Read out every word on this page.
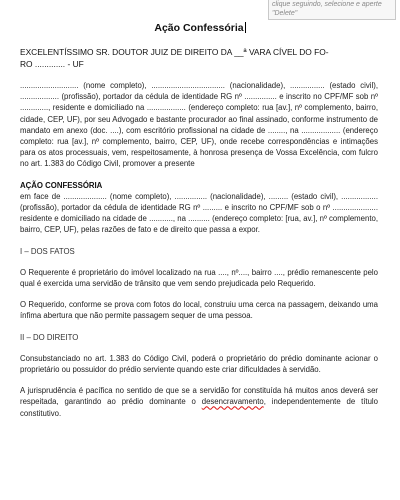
clique seguindo, selecione e aperte "Delete"
Ação Confessória

EXCELENTÍSSIMO SR. DOUTOR JUIZ DE DIREITO DA __ª VARA CÍVEL DO FO-

RO ............. - UF

........................... (nome completo), .................................. (nacionalidade), ................ (estado civil), .................. (profissão), portador da cédula de identidade RG nº ............... e inscrito no CPF/MF sob nº ............., residente e domiciliado na .................. (endereço completo: rua [av.], nº complemento, bairro, cidade, CEP, UF), por seu Advogado e bastante procurador ao final assinado, conforme instrumento de mandato em anexo (doc. ....), com escritório profissional na cidade de ........, na .................. (endereço completo: rua [av.], nº complemento, bairro, CEP, UF), onde recebe correspondências e intimações para os atos processuais, vem, respeitosamente, à honrosa presença de Vossa Excelência, com fulcro no art. 1.383 do Código Civil, promover a presente

AÇÃO CONFESSÓRIA

em face de .................... (nome completo), ............... (nacionalidade), ......... (estado civil), ................. (profissão), portador da cédula de identidade RG nº ......... e inscrito no CPF/MF sob o nº ..................... residente e domiciliado na cidade de ..........., na .......... (endereço completo: [rua, av.], nº complemento, bairro, CEP, UF), pelas razões de fato e de direito que passa a expor.

I – DOS FATOS

O Requerente é proprietário do imóvel localizado na rua ...., nº...., bairro ...., prédio remanescente pelo qual é exercida uma servidão de trânsito que vem sendo prejudicada pelo Requerido.

O Requerido, conforme se prova com fotos do local, construiu uma cerca na passagem, deixando uma ínfima abertura que não permite passagem sequer de uma pessoa.

II – DO DIREITO

Consubstanciado no art. 1.383 do Código Civil, poderá o proprietário do prédio dominante acionar o proprietário ou possuidor do prédio serviente quando este criar dificuldades à servidão.

A jurisprudência é pacífica no sentido de que se a servidão for constituída há muitos anos deverá ser respeitada, garantindo ao prédio dominante o desencravamento, independentemente de título constitutivo.
